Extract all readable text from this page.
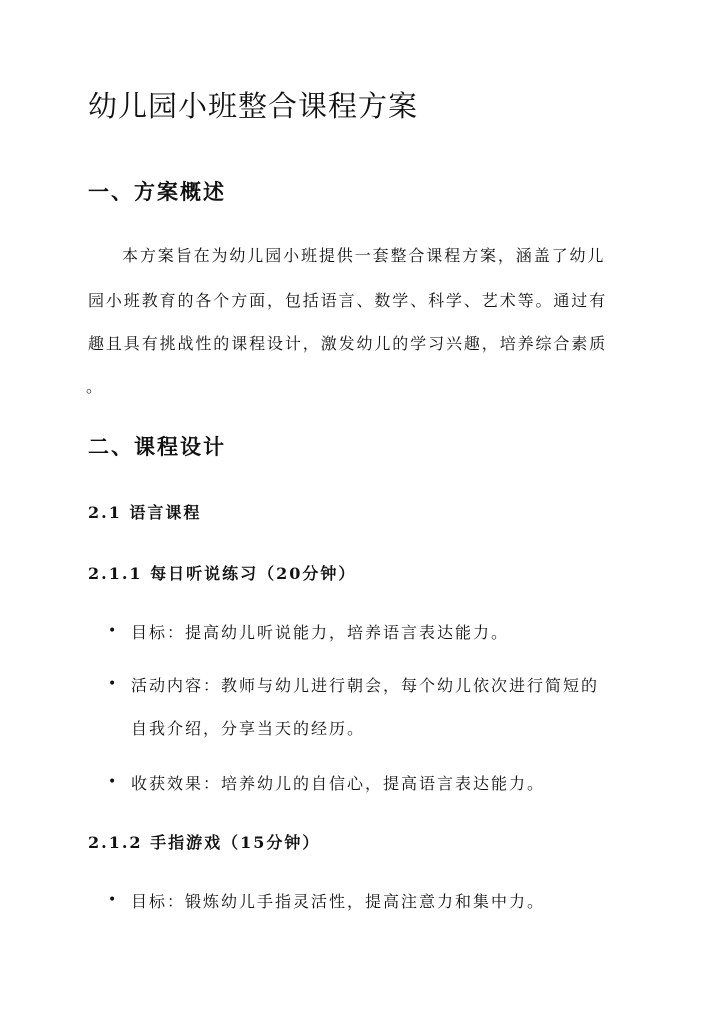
幼儿园小班整合课程方案
一、方案概述
本方案旨在为幼儿园小班提供一套整合课程方案，涵盖了幼儿
园小班教育的各个方面，包括语言、数学、科学、艺术等。通过有
趣且具有挑战性的课程设计，激发幼儿的学习兴趣，培养综合素质
。
二、课程设计
2.1 语言课程
2.1.1 每日听说练习（20分钟）
• 目标：提高幼儿听说能力，培养语言表达能力。
• 活动内容：教师与幼儿进行朝会，每个幼儿依次进行简短的
自我介绍，分享当天的经历。
• 收获效果：培养幼儿的自信心，提高语言表达能力。
2.1.2 手指游戏（15分钟）
• 目标：锻炼幼儿手指灵活性，提高注意力和集中力。
